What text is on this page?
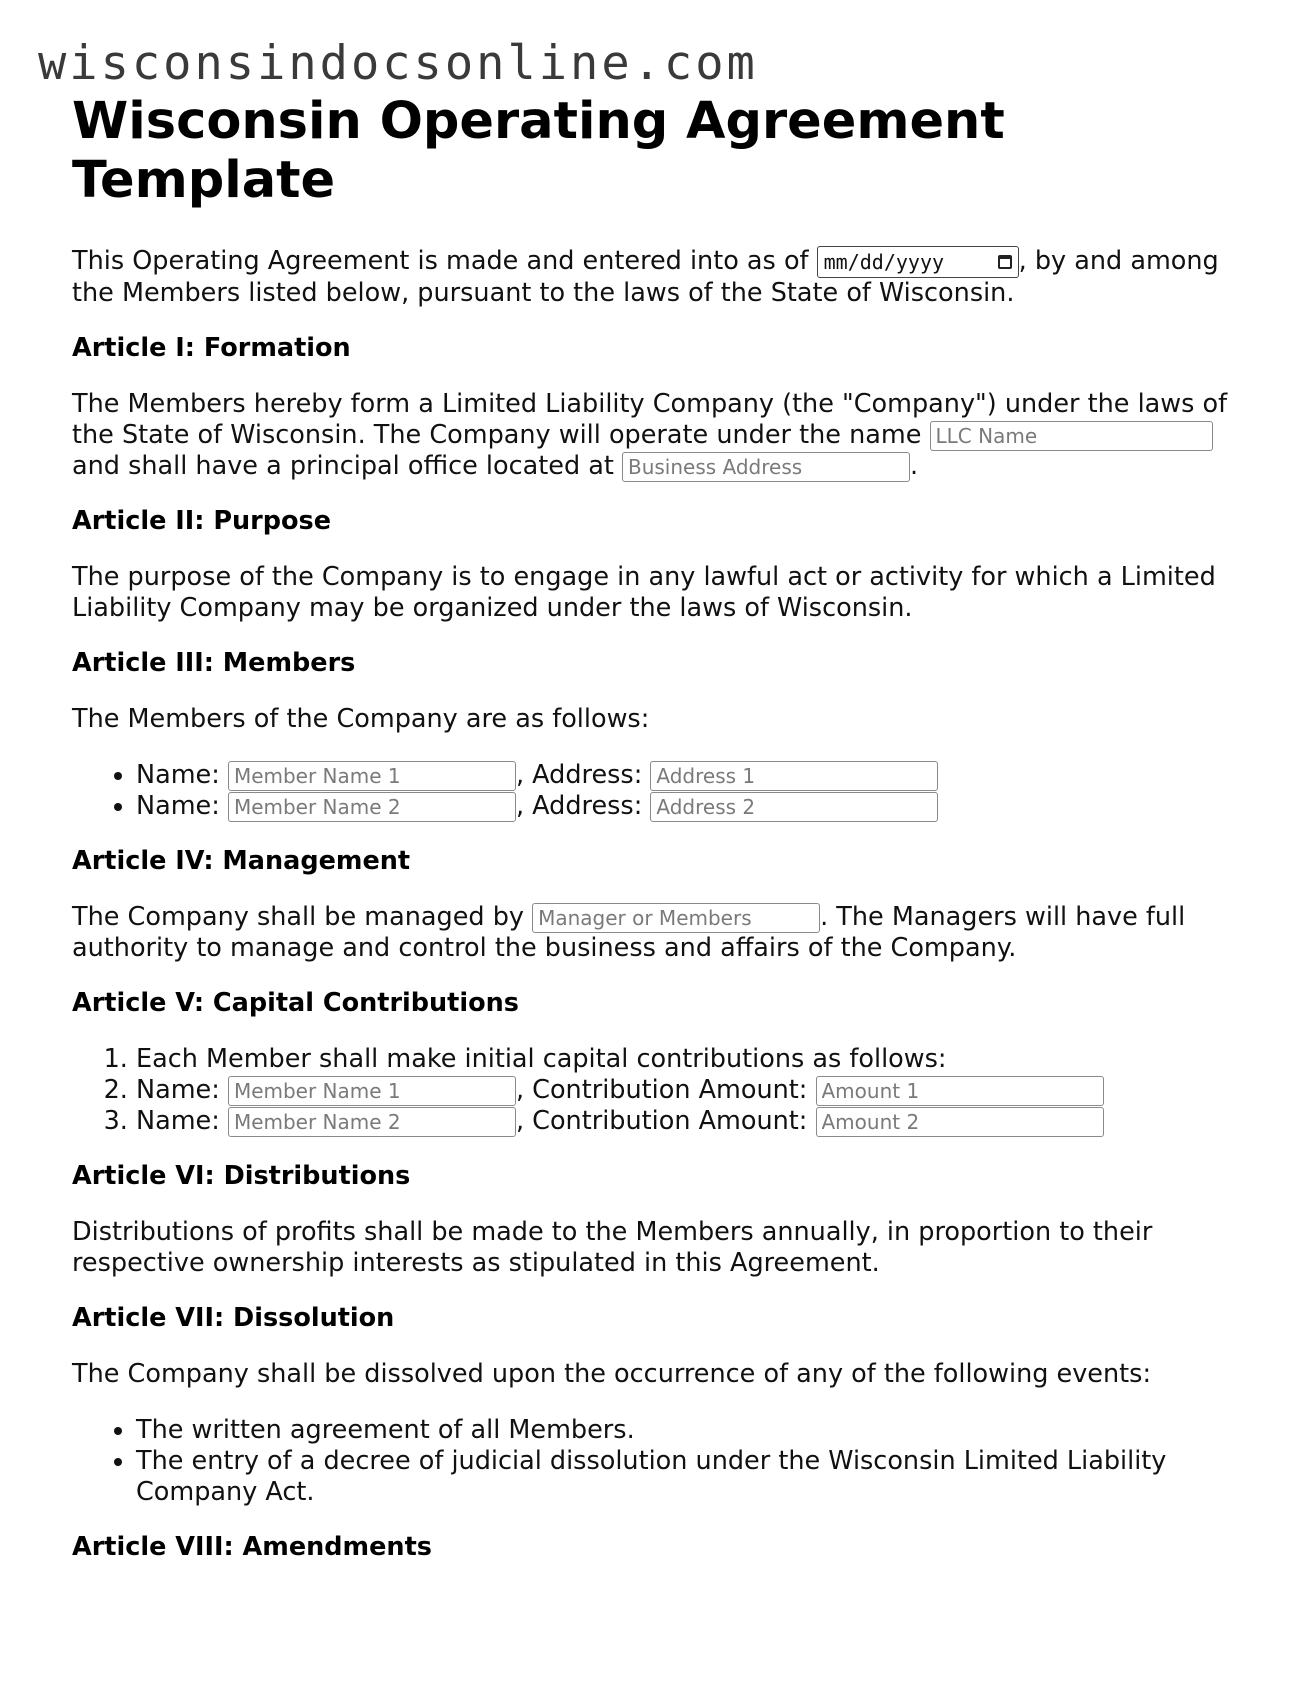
wisconsindocsonline.com
Wisconsin Operating Agreement Template

This Operating Agreement is made and entered into as of mm/dd/yyyy	, by and among the Members listed below, pursuant to the laws of the State of Wisconsin.

Article I: Formation

The Members hereby form a Limited Liability Company (the "Company") under the laws of the State of Wisconsin. The Company will operate under the name LLC Name and shall have a principal office located at Business Address	.

Article II: Purpose

The purpose of the Company is to engage in any lawful act or activity for which a Limited Liability Company may be organized under the laws of Wisconsin.

Article III: Members

The Members of the Company are as follows:

• Name: Member Name 1	, Address: Address 1
• Name: Member Name 2	, Address: Address 2
Article IV: Management

The Company shall be managed by Manager or Members	. The Managers will have full authority to manage and control the business and affairs of the Company.

Article V: Capital Contributions
1. Each Member shall make initial capital contributions as follows:
2. Name: Member Name 1	, Contribution Amount: Amount 1
3. Name: Member Name 2	, Contribution Amount: Amount 2
Article VI: Distributions

Distributions of profits shall be made to the Members annually, in proportion to their respective ownership interests as stipulated in this Agreement.

Article VII: Dissolution

The Company shall be dissolved upon the occurrence of any of the following events:

• The written agreement of all Members.
• The entry of a decree of judicial dissolution under the Wisconsin Limited Liability Company Act.
Article VIII: Amendments
